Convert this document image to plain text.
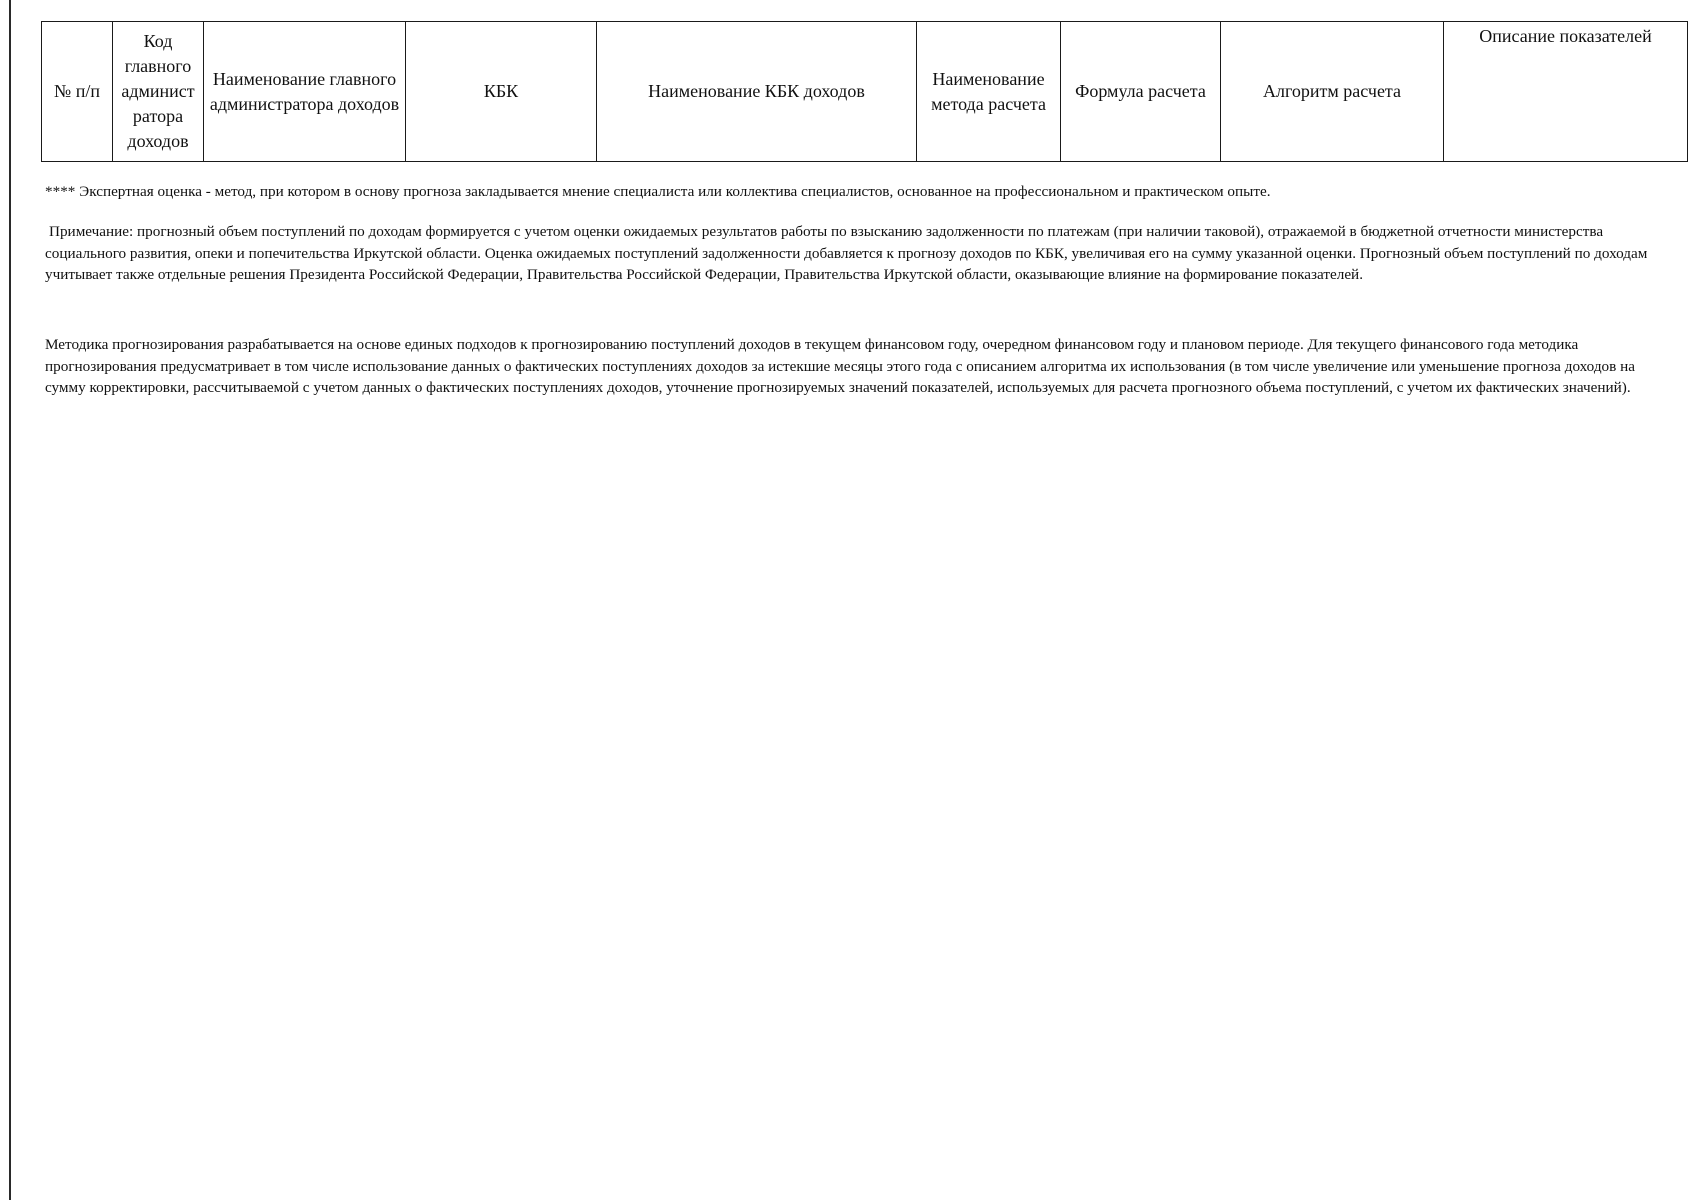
№ п/п	Код главного админист ратора доходов	Наименование главного администратора доходов	КБК	Наименование КБК доходов	Наименование метода расчета	Формула расчета	Алгоритм расчета	Описание показателей

**** Экспертная оценка - метод, при котором в основу прогноза закладывается мнение специалиста или коллектива специалистов, основанное на профессиональном и практическом опыте.

Примечание: прогнозный объем поступлений по доходам формируется с учетом оценки ожидаемых результатов работы по взысканию задолженности по платежам (при наличии таковой), отражаемой в бюджетной отчетности министерства социального развития, опеки и попечительства Иркутской области. Оценка ожидаемых поступлений задолженности добавляется к прогнозу доходов по КБК, увеличивая его на сумму указанной оценки. Прогнозный объем поступлений по доходам учитывает также отдельные решения Президента Российской Федерации, Правительства Российской Федерации, Правительства Иркутской области, оказывающие влияние на формирование показателей.

Методика прогнозирования разрабатывается на основе единых подходов к прогнозированию поступлений доходов в текущем финансовом году, очередном финансовом году и плановом периоде. Для текущего финансового года методика прогнозирования предусматривает в том числе использование данных о фактических поступлениях доходов за истекшие месяцы этого года с описанием алгоритма их использования (в том числе увеличение или уменьшение прогноза доходов на сумму корректировки, рассчитываемой с учетом данных о фактических поступлениях доходов, уточнение прогнозируемых значений показателей, используемых для расчета прогнозного объема поступлений, с учетом их фактических значений).
